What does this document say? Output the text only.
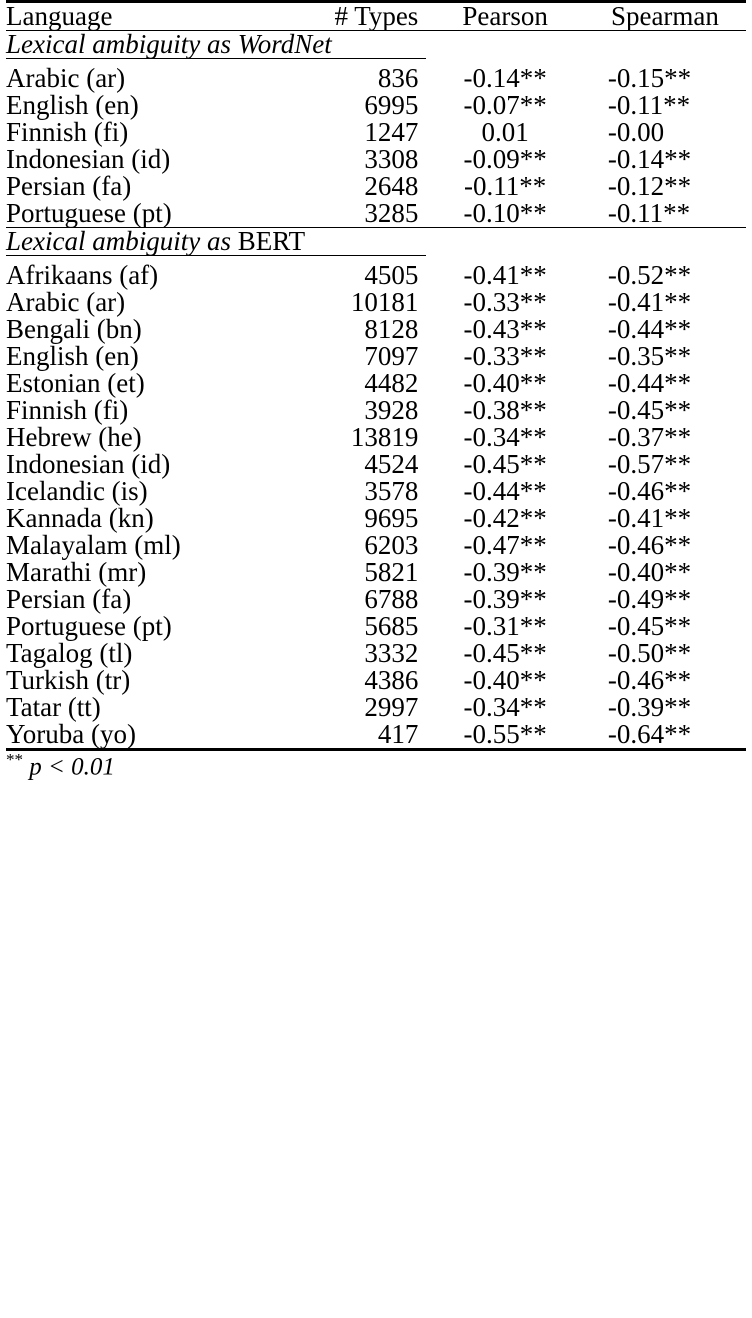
Language	# Types	Pearson	Spearman

Lexical ambiguity as WordNet			

Arabic (ar)	836	-0.14**	-0.15**
English (en)	6995	-0.07**	-0.11**
Finnish (fi)	1247	0.01	-0.00
Indonesian (id)	3308	-0.09**	-0.14**
Persian (fa)	2648	-0.11**	-0.12**
Portuguese (pt)	3285	-0.10**	-0.11**

Lexical ambiguity as BERT			

Afrikaans (af)	4505	-0.41**	-0.52**
Arabic (ar)	10181	-0.33**	-0.41**
Bengali (bn)	8128	-0.43**	-0.44**
English (en)	7097	-0.33**	-0.35**
Estonian (et)	4482	-0.40**	-0.44**
Finnish (fi)	3928	-0.38**	-0.45**
Hebrew (he)	13819	-0.34**	-0.37**
Indonesian (id)	4524	-0.45**	-0.57**
Icelandic (is)	3578	-0.44**	-0.46**
Kannada (kn)	9695	-0.42**	-0.41**
Malayalam (ml)	6203	-0.47**	-0.46**
Marathi (mr)	5821	-0.39**	-0.40**
Persian (fa)	6788	-0.39**	-0.49**
Portuguese (pt)	5685	-0.31**	-0.45**
Tagalog (tl)	3332	-0.45**	-0.50**
Turkish (tr)	4386	-0.40**	-0.46**
Tatar (tt)	2997	-0.34**	-0.39**
Yoruba (yo)	417	-0.55**	-0.64**

** p < 0.01			
